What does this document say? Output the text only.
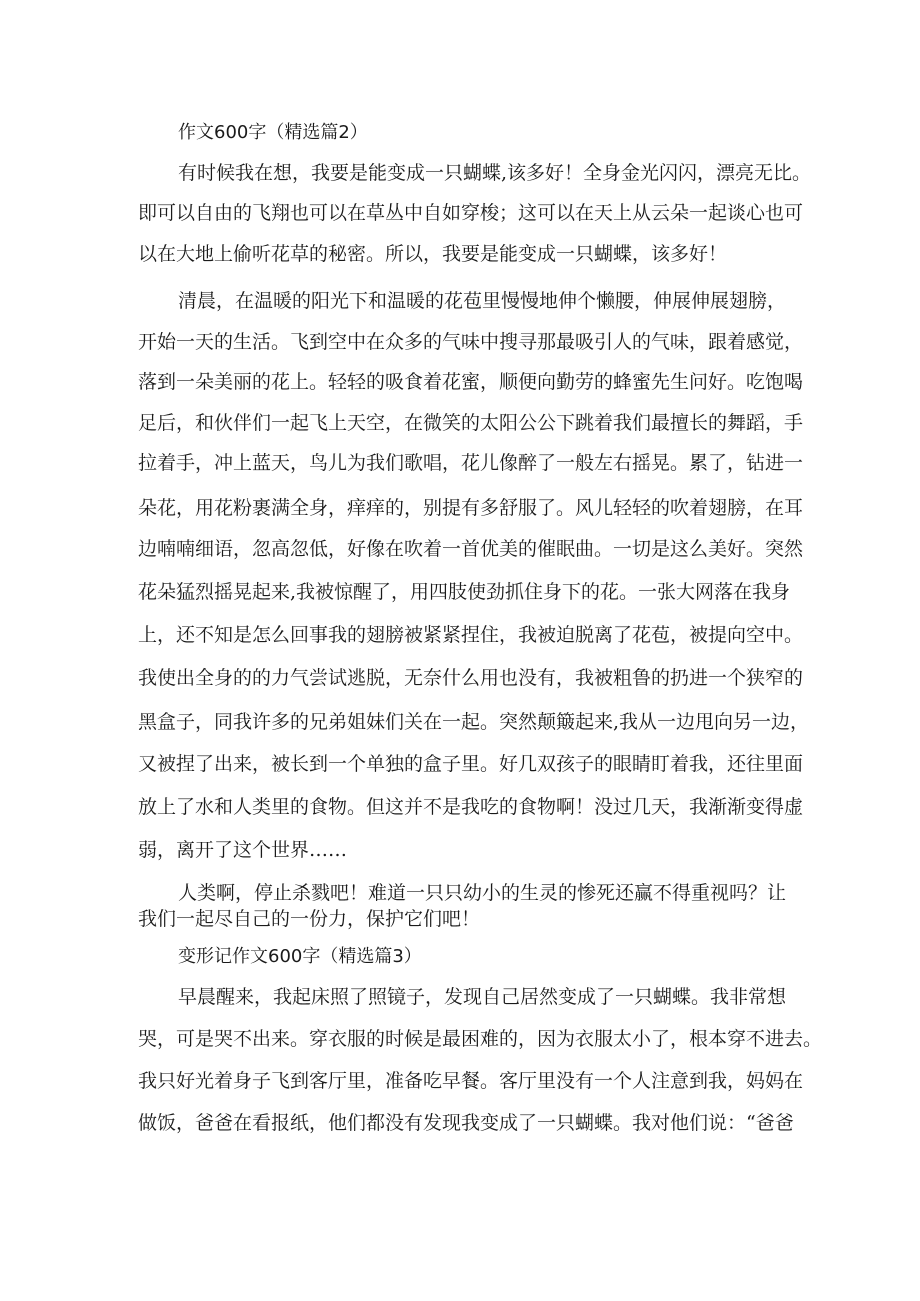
作文600字（精选篇2）
有时候我在想，我要是能变成一只蝴蝶,该多好！全身金光闪闪，漂亮无比。
即可以自由的飞翔也可以在草丛中自如穿梭；这可以在天上从云朵一起谈心也可
以在大地上偷听花草的秘密。所以，我要是能变成一只蝴蝶，该多好！
清晨，在温暖的阳光下和温暖的花苞里慢慢地伸个懒腰，伸展伸展翅膀，
开始一天的生活。飞到空中在众多的气味中搜寻那最吸引人的气味，跟着感觉，
落到一朵美丽的花上。轻轻的吸食着花蜜，顺便向勤劳的蜂蜜先生问好。吃饱喝
足后，和伙伴们一起飞上天空，在微笑的太阳公公下跳着我们最擅长的舞蹈，手
拉着手，冲上蓝天，鸟儿为我们歌唱，花儿像醉了一般左右摇晃。累了，钻进一
朵花，用花粉裹满全身，痒痒的，别提有多舒服了。风儿轻轻的吹着翅膀，在耳
边喃喃细语，忽高忽低，好像在吹着一首优美的催眠曲。一切是这么美好。突然
花朵猛烈摇晃起来,我被惊醒了，用四肢使劲抓住身下的花。一张大网落在我身
上，还不知是怎么回事我的翅膀被紧紧捏住，我被迫脱离了花苞，被提向空中。
我使出全身的的力气尝试逃脱，无奈什么用也没有，我被粗鲁的扔进一个狭窄的
黑盒子，同我许多的兄弟姐妹们关在一起。突然颠簸起来,我从一边甩向另一边，
又被捏了出来，被长到一个单独的盒子里。好几双孩子的眼睛盯着我，还往里面
放上了水和人类里的食物。但这并不是我吃的食物啊！没过几天，我渐渐变得虚
弱，离开了这个世界……
人类啊，停止杀戮吧！难道一只只幼小的生灵的惨死还赢不得重视吗？让
我们一起尽自己的一份力，保护它们吧！
变形记作文600字（精选篇3）
早晨醒来，我起床照了照镜子，发现自己居然变成了一只蝴蝶。我非常想
哭，可是哭不出来。穿衣服的时候是最困难的，因为衣服太小了，根本穿不进去。
我只好光着身子飞到客厅里，准备吃早餐。客厅里没有一个人注意到我，妈妈在
做饭，爸爸在看报纸，他们都没有发现我变成了一只蝴蝶。我对他们说：“爸爸
